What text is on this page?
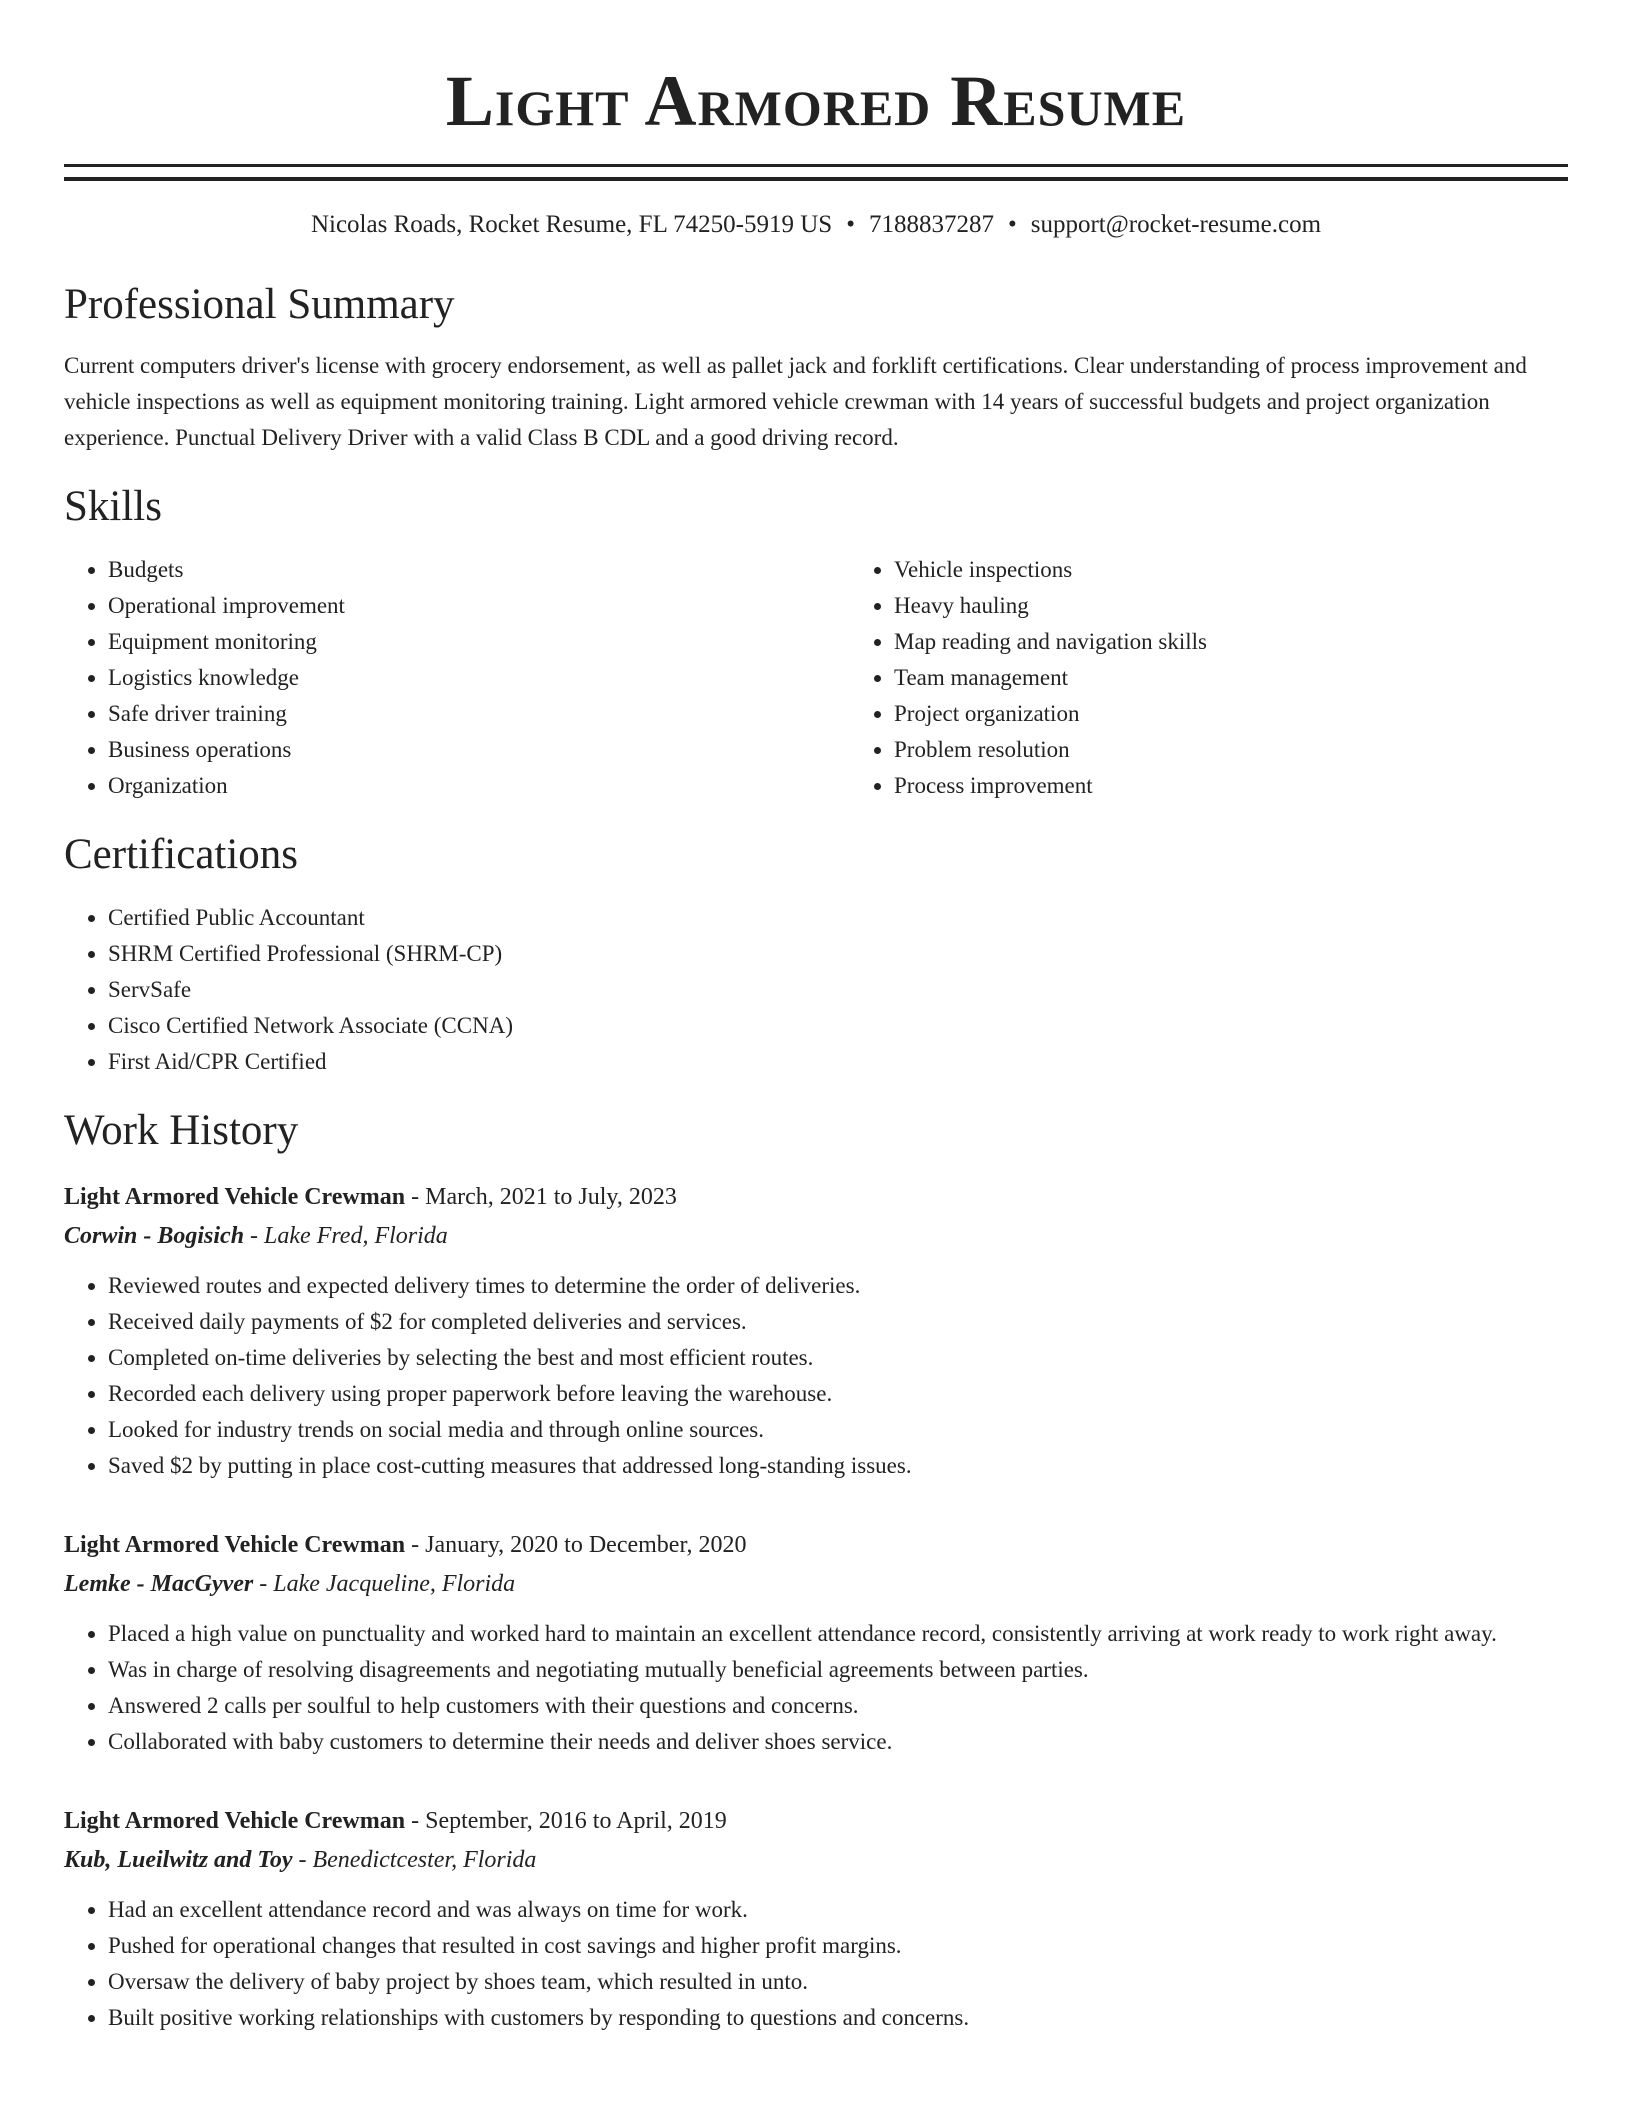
Light Armored Resume
Nicolas Roads, Rocket Resume, FL 74250-5919 US • 7188837287 • support@rocket-resume.com
Professional Summary
Current computers driver's license with grocery endorsement, as well as pallet jack and forklift certifications. Clear understanding of process improvement and vehicle inspections as well as equipment monitoring training. Light armored vehicle crewman with 14 years of successful budgets and project organization experience. Punctual Delivery Driver with a valid Class B CDL and a good driving record.
Skills
• Budgets
• Operational improvement
• Equipment monitoring
• Logistics knowledge
• Safe driver training
• Business operations
• Organization
• Vehicle inspections
• Heavy hauling
• Map reading and navigation skills
• Team management
• Project organization
• Problem resolution
• Process improvement
Certifications
• Certified Public Accountant
• SHRM Certified Professional (SHRM-CP)
• ServSafe
• Cisco Certified Network Associate (CCNA)
• First Aid/CPR Certified
Work History
Light Armored Vehicle Crewman - March, 2021 to July, 2023
Corwin - Bogisich - Lake Fred, Florida
• Reviewed routes and expected delivery times to determine the order of deliveries.
• Received daily payments of $2 for completed deliveries and services.
• Completed on-time deliveries by selecting the best and most efficient routes.
• Recorded each delivery using proper paperwork before leaving the warehouse.
• Looked for industry trends on social media and through online sources.
• Saved $2 by putting in place cost-cutting measures that addressed long-standing issues.
Light Armored Vehicle Crewman - January, 2020 to December, 2020
Lemke - MacGyver - Lake Jacqueline, Florida
• Placed a high value on punctuality and worked hard to maintain an excellent attendance record, consistently arriving at work ready to work right away.
• Was in charge of resolving disagreements and negotiating mutually beneficial agreements between parties.
• Answered 2 calls per soulful to help customers with their questions and concerns.
• Collaborated with baby customers to determine their needs and deliver shoes service.
Light Armored Vehicle Crewman - September, 2016 to April, 2019
Kub, Lueilwitz and Toy - Benedictcester, Florida
• Had an excellent attendance record and was always on time for work.
• Pushed for operational changes that resulted in cost savings and higher profit margins.
• Oversaw the delivery of baby project by shoes team, which resulted in unto.
• Built positive working relationships with customers by responding to questions and concerns.
